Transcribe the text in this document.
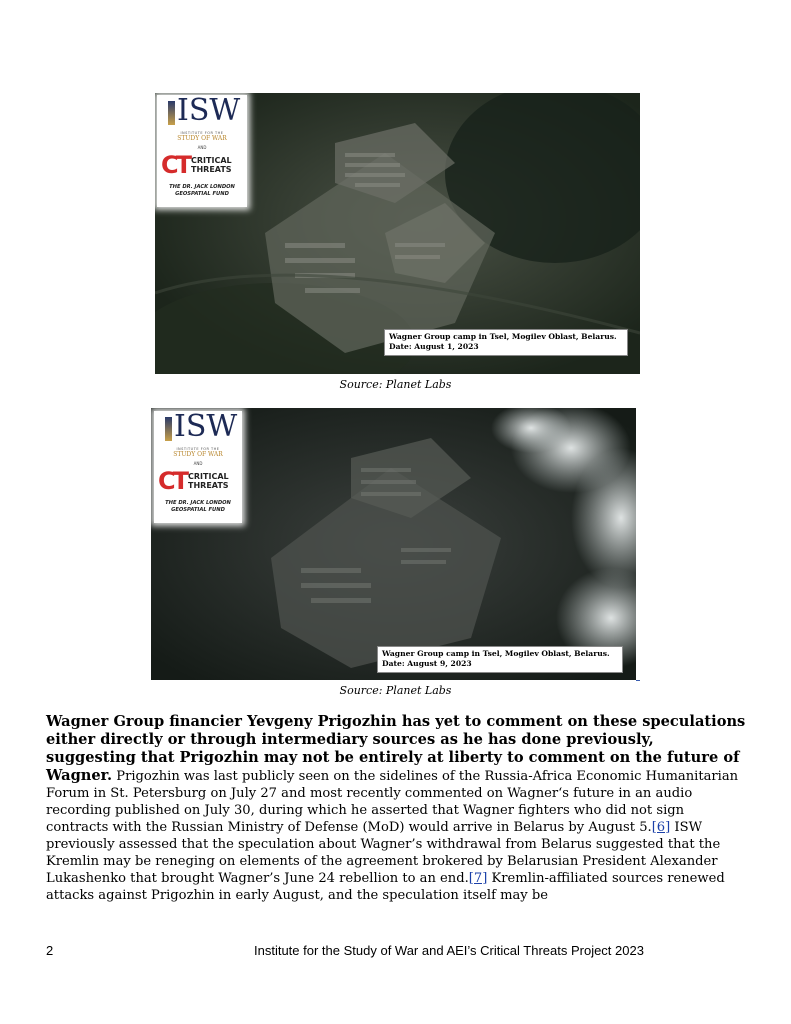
ISW
INSTITUTE FOR THE
STUDY OF WAR
AND
CT CRITICAL
THREATS
THE DR. JACK LONDON
GEOSPATIAL FUND
Wagner Group camp in Tsel, Mogilev Oblast, Belarus.
Date: August 1, 2023
Source: Planet Labs
ISW
INSTITUTE FOR THE
STUDY OF WAR
AND
CT CRITICAL
THREATS
THE DR. JACK LONDON
GEOSPATIAL FUND
Wagner Group camp in Tsel, Mogilev Oblast, Belarus.
Date: August 9, 2023
Source: Planet Labs
Wagner Group financier Yevgeny Prigozhin has yet to comment on these speculations either directly or through intermediary sources as he has done previously, suggesting that Prigozhin may not be entirely at liberty to comment on the future of Wagner. Prigozhin was last publicly seen on the sidelines of the Russia-Africa Economic Humanitarian Forum in St. Petersburg on July 27 and most recently commented on Wagner‘s future in an audio recording published on July 30, during which he asserted that Wagner fighters who did not sign contracts with the Russian Ministry of Defense (MoD) would arrive in Belarus by August 5.[6] ISW previously assessed that the speculation about Wagner’s withdrawal from Belarus suggested that the Kremlin may be reneging on elements of the agreement brokered by Belarusian President Alexander Lukashenko that brought Wagner’s June 24 rebellion to an end.[7] Kremlin-affiliated sources renewed attacks against Prigozhin in early August, and the speculation itself may be
2	Institute for the Study of War and AEI’s Critical Threats Project 2023
